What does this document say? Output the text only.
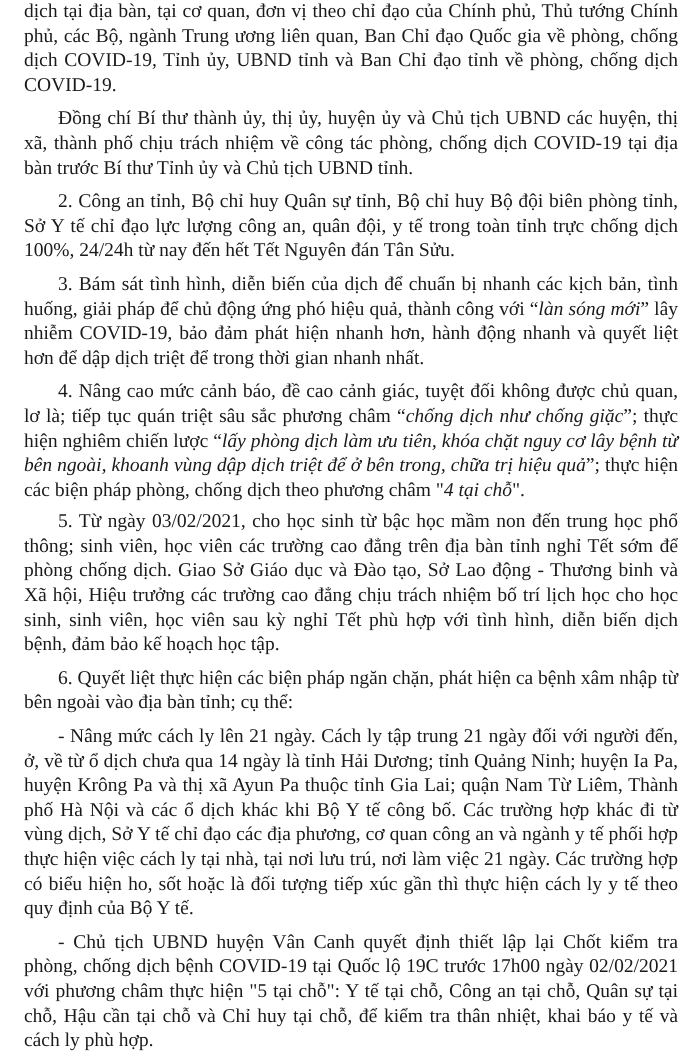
dịch tại địa bàn, tại cơ quan, đơn vị theo chỉ đạo của Chính phủ, Thủ tướng Chính phủ, các Bộ, ngành Trung ương liên quan, Ban Chỉ đạo Quốc gia về phòng, chống dịch COVID-19, Tỉnh ủy, UBND tỉnh và Ban Chỉ đạo tỉnh về phòng, chống dịch COVID-19.

Đồng chí Bí thư thành ủy, thị ủy, huyện ủy và Chủ tịch UBND các huyện, thị xã, thành phố chịu trách nhiệm về công tác phòng, chống dịch COVID-19 tại địa bàn trước Bí thư Tỉnh ủy và Chủ tịch UBND tỉnh.

2. Công an tỉnh, Bộ chỉ huy Quân sự tỉnh, Bộ chỉ huy Bộ đội biên phòng tỉnh, Sở Y tế chỉ đạo lực lượng công an, quân đội, y tế trong toàn tỉnh trực chống dịch 100%, 24/24h từ nay đến hết Tết Nguyên đán Tân Sửu.

3. Bám sát tình hình, diễn biến của dịch để chuẩn bị nhanh các kịch bản, tình huống, giải pháp để chủ động ứng phó hiệu quả, thành công với “làn sóng mới” lây nhiễm COVID-19, bảo đảm phát hiện nhanh hơn, hành động nhanh và quyết liệt hơn để dập dịch triệt để trong thời gian nhanh nhất.

4. Nâng cao mức cảnh báo, đề cao cảnh giác, tuyệt đối không được chủ quan, lơ là; tiếp tục quán triệt sâu sắc phương châm “chống dịch như chống giặc”; thực hiện nghiêm chiến lược “lấy phòng dịch làm ưu tiên, khóa chặt nguy cơ lây bệnh từ bên ngoài, khoanh vùng dập dịch triệt để ở bên trong, chữa trị hiệu quả”; thực hiện các biện pháp phòng, chống dịch theo phương châm "4 tại chỗ".

5. Từ ngày 03/02/2021, cho học sinh từ bậc học mầm non đến trung học phổ thông; sinh viên, học viên các trường cao đẳng trên địa bàn tỉnh nghỉ Tết sớm để phòng chống dịch. Giao Sở Giáo dục và Đào tạo, Sở Lao động - Thương binh và Xã hội, Hiệu trưởng các trường cao đẳng chịu trách nhiệm bố trí lịch học cho học sinh, sinh viên, học viên sau kỳ nghỉ Tết phù hợp với tình hình, diễn biến dịch bệnh, đảm bảo kế hoạch học tập.

6. Quyết liệt thực hiện các biện pháp ngăn chặn, phát hiện ca bệnh xâm nhập từ bên ngoài vào địa bàn tỉnh; cụ thể:

- Nâng mức cách ly lên 21 ngày. Cách ly tập trung 21 ngày đối với người đến, ở, về từ ổ dịch chưa qua 14 ngày là tỉnh Hải Dương; tỉnh Quảng Ninh; huyện Ia Pa, huyện Krông Pa và thị xã Ayun Pa thuộc tỉnh Gia Lai; quận Nam Từ Liêm, Thành phố Hà Nội và các ổ dịch khác khi Bộ Y tế công bố. Các trường hợp khác đi từ vùng dịch, Sở Y tế chỉ đạo các địa phương, cơ quan công an và ngành y tế phối hợp thực hiện việc cách ly tại nhà, tại nơi lưu trú, nơi làm việc 21 ngày. Các trường hợp có biểu hiện ho, sốt hoặc là đối tượng tiếp xúc gần thì thực hiện cách ly y tế theo quy định của Bộ Y tế.

- Chủ tịch UBND huyện Vân Canh quyết định thiết lập lại Chốt kiểm tra phòng, chống dịch bệnh COVID-19 tại Quốc lộ 19C trước 17h00 ngày 02/02/2021 với phương châm thực hiện "5 tại chỗ": Y tế tại chỗ, Công an tại chỗ, Quân sự tại chỗ, Hậu cần tại chỗ và Chỉ huy tại chỗ, để kiểm tra thân nhiệt, khai báo y tế và cách ly phù hợp.
